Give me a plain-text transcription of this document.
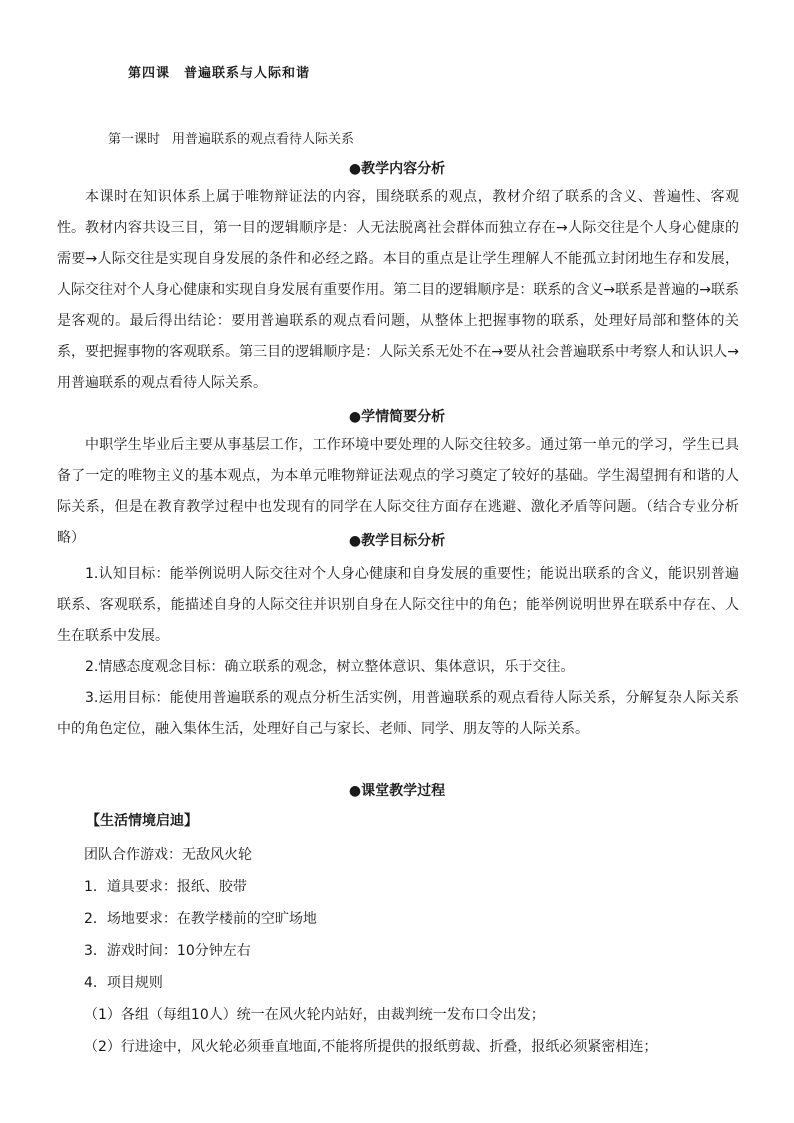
第四课 普遍联系与人际和谐
第一课时 用普遍联系的观点看待人际关系
●教学内容分析

本课时在知识体系上属于唯物辩证法的内容，围绕联系的观点，教材介绍了联系的含义、普遍性、客观性。 教材内容共设三目，第一目的逻辑顺序是：人无法脱离社会群体而独立存在→人际交往是个人身心健康的需要→人际交往是实现自身发展的条件和必经之路。本目的重点是让学生理解人不能孤立封闭地生存和发展，人际交往对个人身心健康和实现自身发展有重要作用。第二目的逻辑顺序是：联系的含义→联系是普遍的→联系是客观的。最后得出结论：要用普遍联系的观点看问题，从整体上把握事物的联系，处理好局部和整体的关系，要把握事物的客观联系。第三目的逻辑顺序是：人际关系无处不在→要从社会普遍联系中考察人和认识人→用普遍联系的观点看待人际关系。

●学情简要分析

中职学生毕业后主要从事基层工作，工作环境中要处理的人际交往较多。通过第一单元的学习，学生已具备了一定的唯物主义的基本观点，为本单元唯物辩证法观点的学习奠定了较好的基础。学生渴望拥有和谐的人际关系，但是在教育教学过程中也发现有的同学在人际交往方面存在逃避、激化矛盾等问题。（结合专业分析略）	●教学目标分析

1.认知目标：能举例说明人际交往对个人身心健康和自身发展的重要性；能说出联系的含义，能识别普遍联系、客观联系，能描述自身的人际交往并识别自身在人际交往中的角色；能举例说明世界在联系中存在、人生在联系中发展。

2.情感态度观念目标：确立联系的观念，树立整体意识、集体意识，乐于交往。

3.运用目标：能使用普遍联系的观点分析生活实例，用普遍联系的观点看待人际关系，分解复杂人际关系中的角色定位，融入集体生活，处理好自己与家长、老师、同学、朋友等的人际关系。

●课堂教学过程
【生活情境启迪】
团队合作游戏：无敌风火轮
1．道具要求：报纸、胶带
2．场地要求：在教学楼前的空旷场地
3．游戏时间：10分钟左右
4．项目规则
（1）各组（每组10人）统一在风火轮内站好，由裁判统一发布口令出发；
（2）行进途中，风火轮必须垂直地面,不能将所提供的报纸剪裁、折叠，报纸必须紧密相连；
